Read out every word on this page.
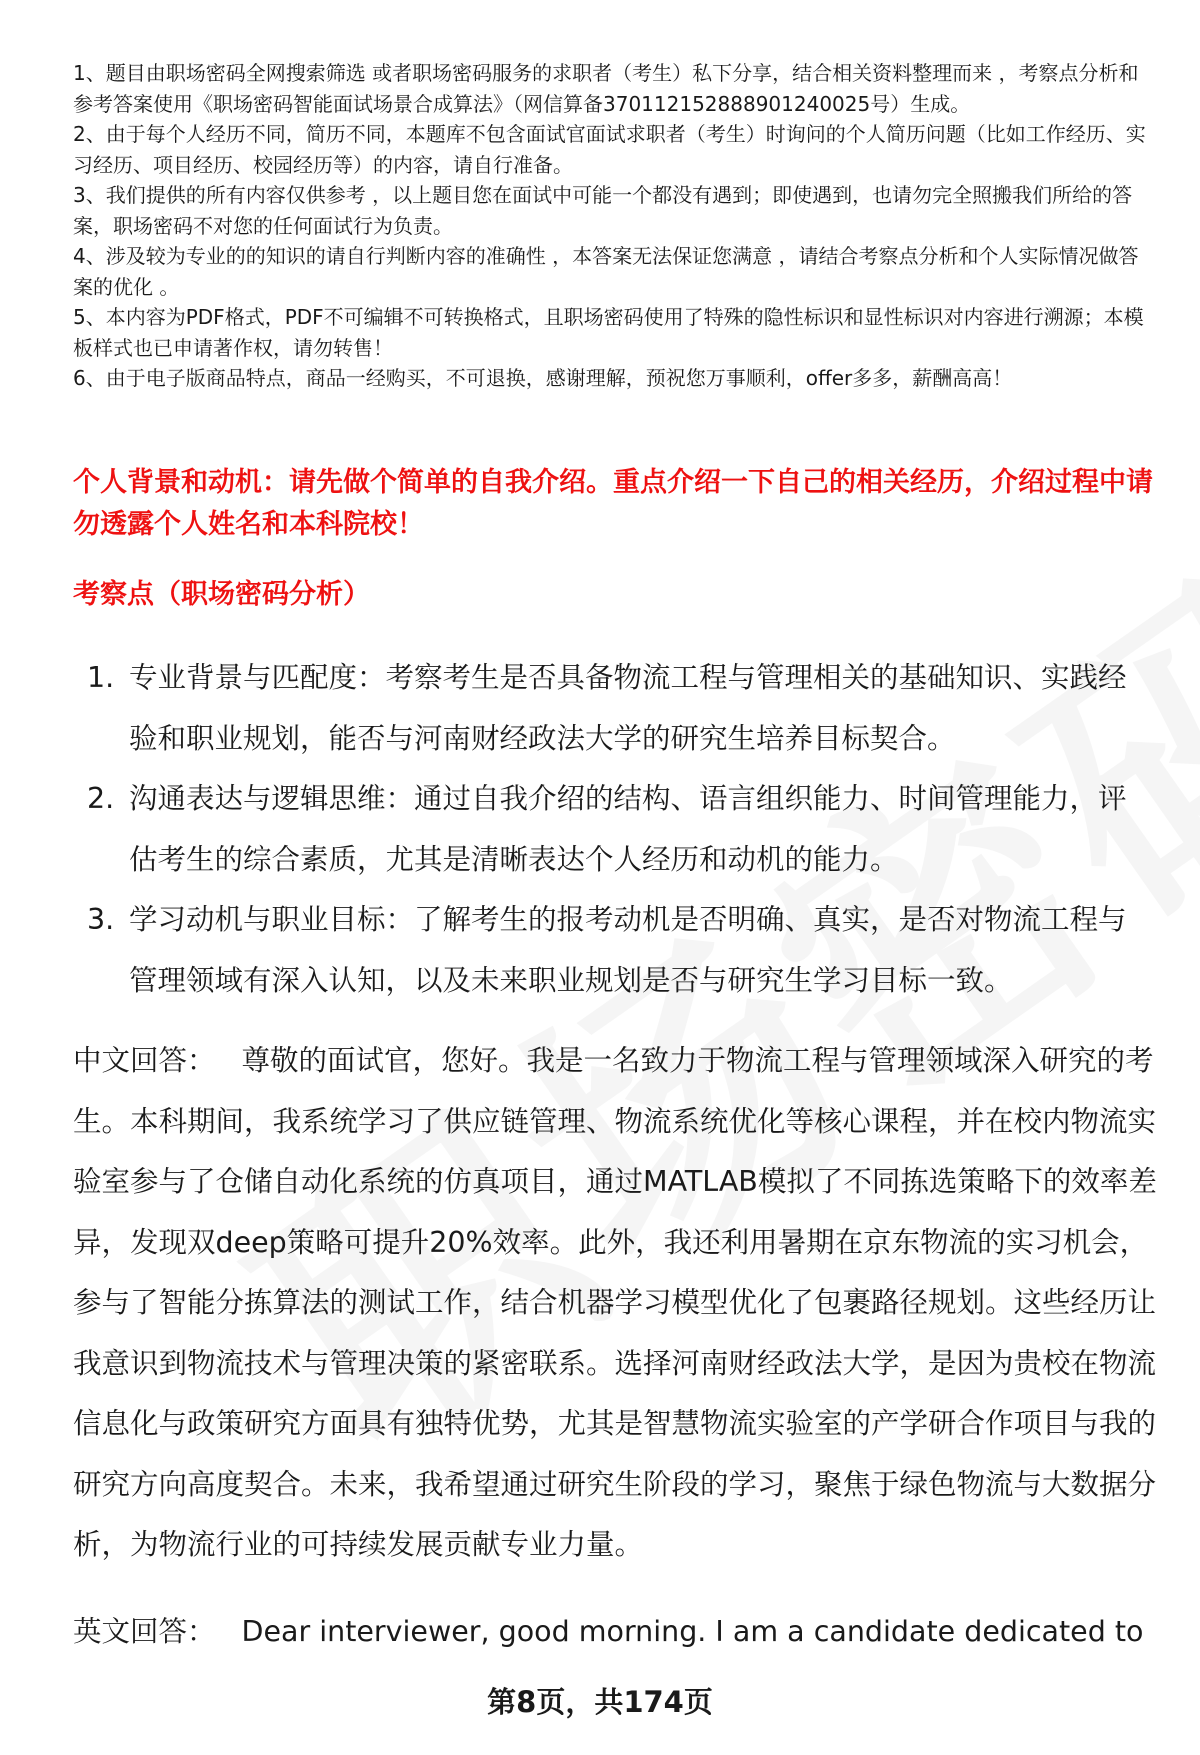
1、题目由职场密码全网搜索筛选 或者职场密码服务的求职者（考生）私下分享，结合相关资料整理而来 ，考察点分析和参考答案使用《职场密码智能面试场景合成算法》（网信算备370112152888901240025号）生成。

2、由于每个人经历不同，简历不同，本题库不包含面试官面试求职者（考生）时询问的个人简历问题（比如工作经历、实习经历、项目经历、校园经历等）的内容，请自行准备。

3、我们提供的所有内容仅供参考 ，以上题目您在面试中可能一个都没有遇到；即使遇到，也请勿完全照搬我们所给的答案，职场密码不对您的任何面试行为负责。

4、涉及较为专业的的知识的请自行判断内容的准确性 ，本答案无法保证您满意 ，请结合考察点分析和个人实际情况做答案的优化 。

5、本内容为PDF格式，PDF不可编辑不可转换格式，且职场密码使用了特殊的隐性标识和显性标识对内容进行溯源；本模板样式也已申请著作权，请勿转售！

6、由于电子版商品特点，商品一经购买，不可退换，感谢理解，预祝您万事顺利，offer多多，薪酬高高！

个人背景和动机：请先做个简单的自我介绍。重点介绍一下自己的相关经历，介绍过程中请勿透露个人姓名和本科院校！
考察点（职场密码分析）
1. 专业背景与匹配度：考察考生是否具备物流工程与管理相关的基础知识、实践经验和职业规划，能否与河南财经政法大学的研究生培养目标契合。
2. 沟通表达与逻辑思维：通过自我介绍的结构、语言组织能力、时间管理能力，评估考生的综合素质，尤其是清晰表达个人经历和动机的能力。
3. 学习动机与职业目标：了解考生的报考动机是否明确、真实，是否对物流工程与管理领域有深入认知，以及未来职业规划是否与研究生学习目标一致。

中文回答： 尊敬的面试官，您好。我是一名致力于物流工程与管理领域深入研究的考生。本科期间，我系统学习了供应链管理、物流系统优化等核心课程，并在校内物流实验室参与了仓储自动化系统的仿真项目，通过MATLAB模拟了不同拣选策略下的效率差异，发现双deep策略可提升20%效率。此外，我还利用暑期在京东物流的实习机会，参与了智能分拣算法的测试工作，结合机器学习模型优化了包裹路径规划。这些经历让我意识到物流技术与管理决策的紧密联系。选择河南财经政法大学，是因为贵校在物流信息化与政策研究方面具有独特优势，尤其是智慧物流实验室的产学研合作项目与我的研究方向高度契合。未来，我希望通过研究生阶段的学习，聚焦于绿色物流与大数据分析，为物流行业的可持续发展贡献专业力量。

英文回答： Dear interviewer, good morning. I am a candidate dedicated to

第8页，共174页
